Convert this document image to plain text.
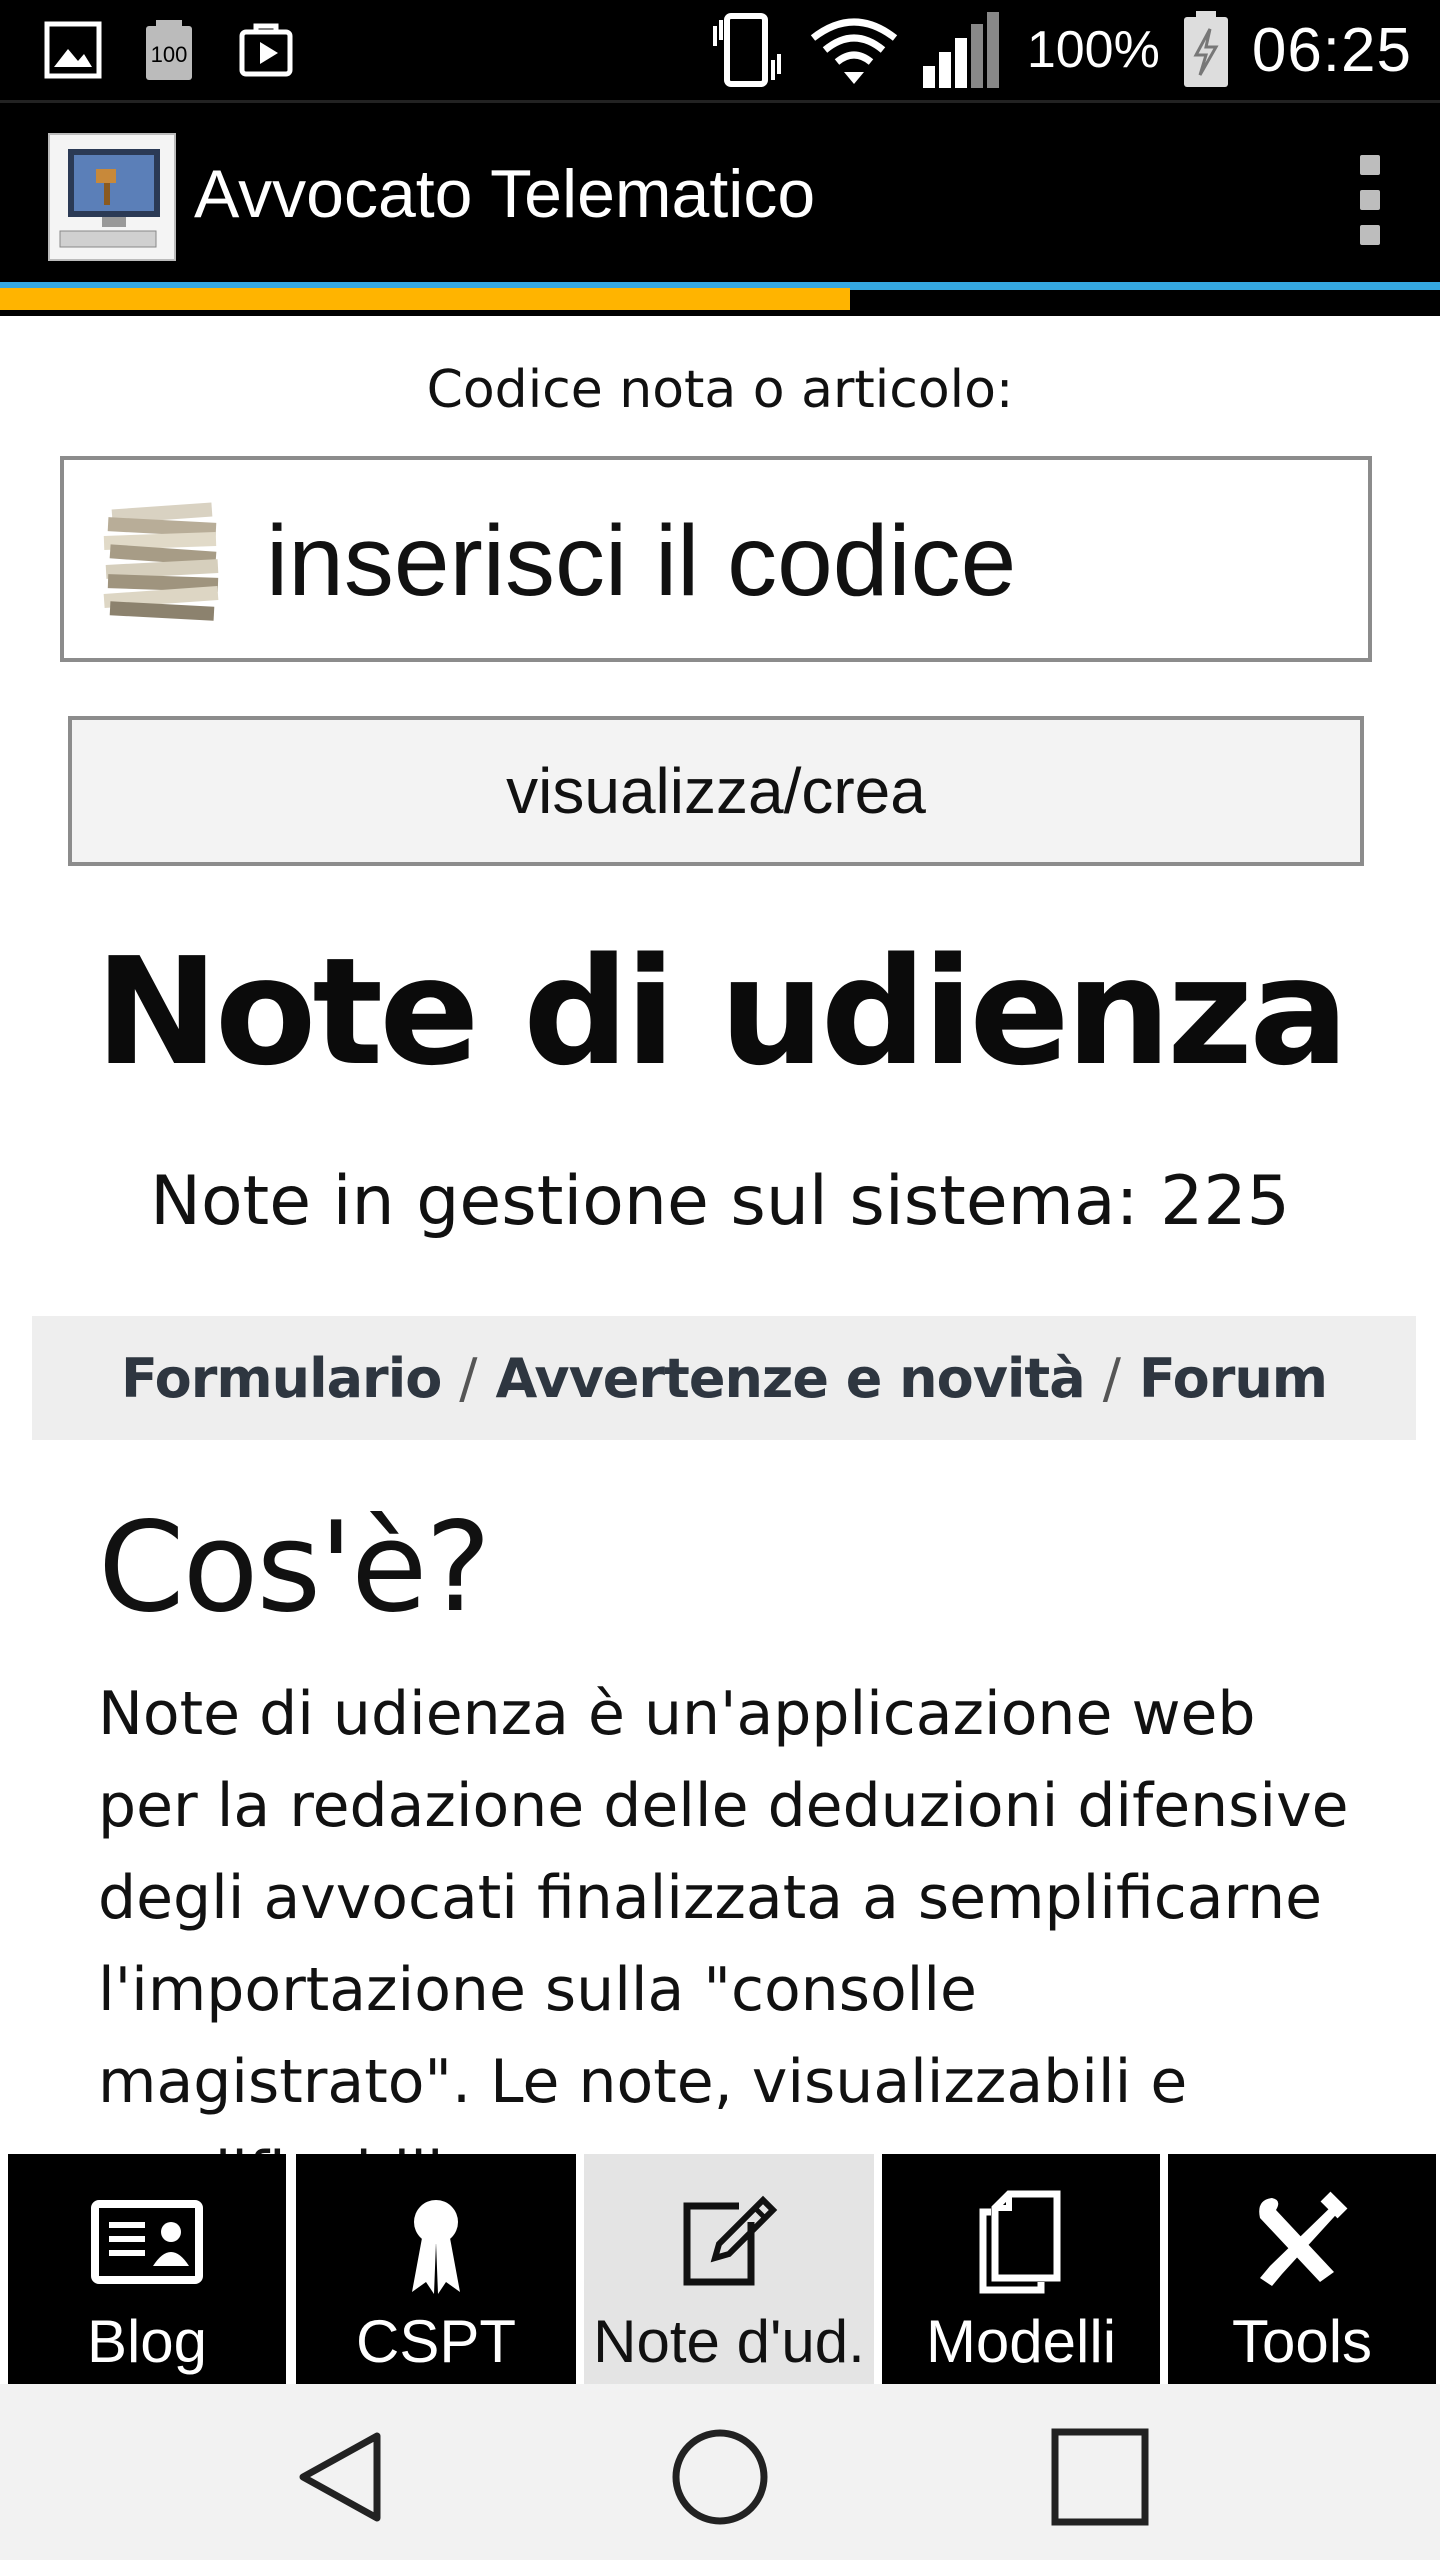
100	100% 06:25
Avvocato Telematico
Codice nota o articolo:
inserisci il codice
visualizza/crea
Note di udienza
Note in gestione sul sistema: 225
Formulario / Avvertenze e novità / Forum
Cos'è?

Note di udienza è un'applicazione web per la redazione delle deduzioni difensive degli avvocati finalizzata a semplificarne l'importazione sulla "consolle magistrato". Le note, visualizzabili e

Blog CSPT Note d'ud. Modelli Tools
